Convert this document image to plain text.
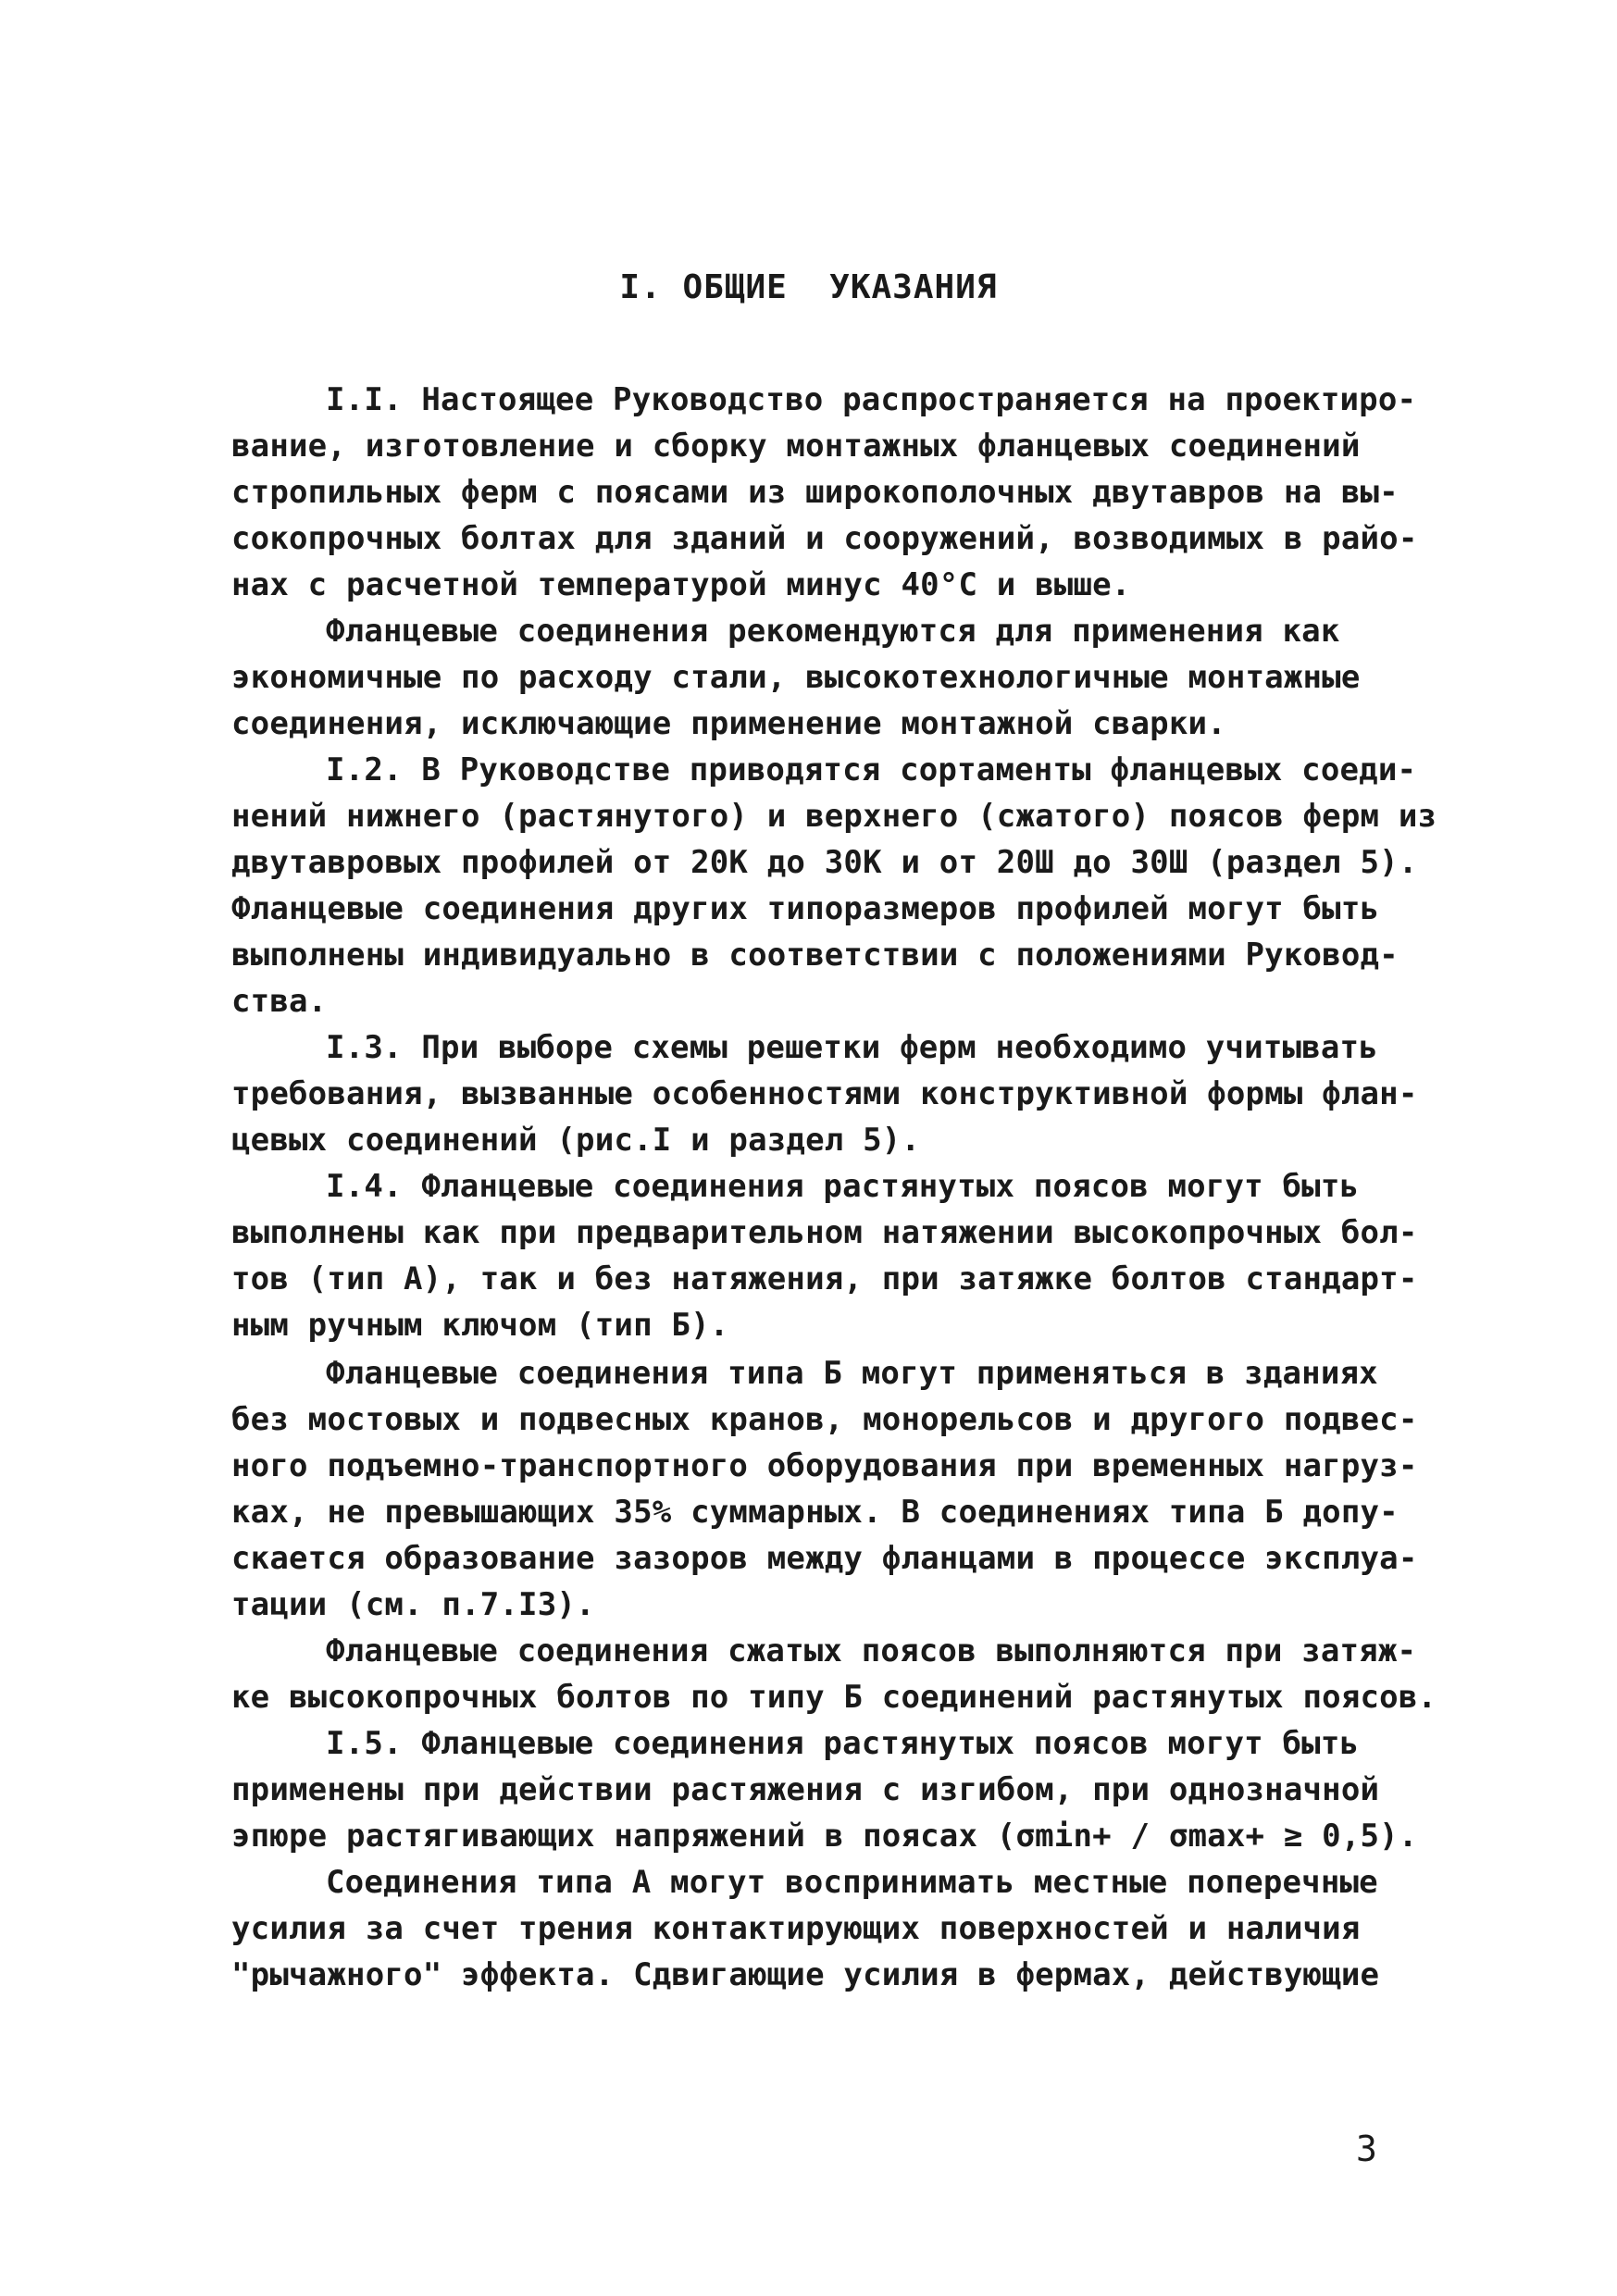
I. ОБЩИЕ  УКАЗАНИЯ
I.I. Настоящее Руководство распространяется на проектиро-
вание, изготовление и сборку монтажных фланцевых соединений
стропильных ферм с поясами из широкополочных двутавров на вы-
сокопрочных болтах для зданий и сооружений, возводимых в райо-
нах с расчетной температурой минус 40°С и выше.
Фланцевые соединения рекомендуются для применения как
экономичные по расходу стали, высокотехнологичные монтажные
соединения, исключающие применение монтажной сварки.
I.2. В Руководстве приводятся сортаменты фланцевых соеди-
нений нижнего (растянутого) и верхнего (сжатого) поясов ферм из
двутавровых профилей от 20К до 30К и от 20Ш до 30Ш (раздел 5).
Фланцевые соединения других типоразмеров профилей могут быть
выполнены индивидуально в соответствии с положениями Руковод-
ства.
I.3. При выборе схемы решетки ферм необходимо учитывать
требования, вызванные особенностями конструктивной формы флан-
цевых соединений (рис.I и раздел 5).
I.4. Фланцевые соединения растянутых поясов могут быть
выполнены как при предварительном натяжении высокопрочных бол-
тов (тип А), так и без натяжения, при затяжке болтов стандарт-
ным ручным ключом (тип Б).
Фланцевые соединения типа Б могут применяться в зданиях
без мостовых и подвесных кранов, монорельсов и другого подвес-
ного подъемно-транспортного оборудования при временных нагруз-
ках, не превышающих 35% суммарных. В соединениях типа Б допу-
скается образование зазоров между фланцами в процессе эксплуа-
тации (см. п.7.I3).
Фланцевые соединения сжатых поясов выполняются при затяж-
ке высокопрочных болтов по типу Б соединений растянутых поясов.
I.5. Фланцевые соединения растянутых поясов могут быть
применены при действии растяжения с изгибом, при однозначной
эпюре растягивающих напряжений в поясах (σmin+ / σmax+ ≥ 0,5).
Соединения типа А могут воспринимать местные поперечные
усилия за счет трения контактирующих поверхностей и наличия
"рычажного" эффекта. Сдвигающие усилия в фермах, действующие
3
